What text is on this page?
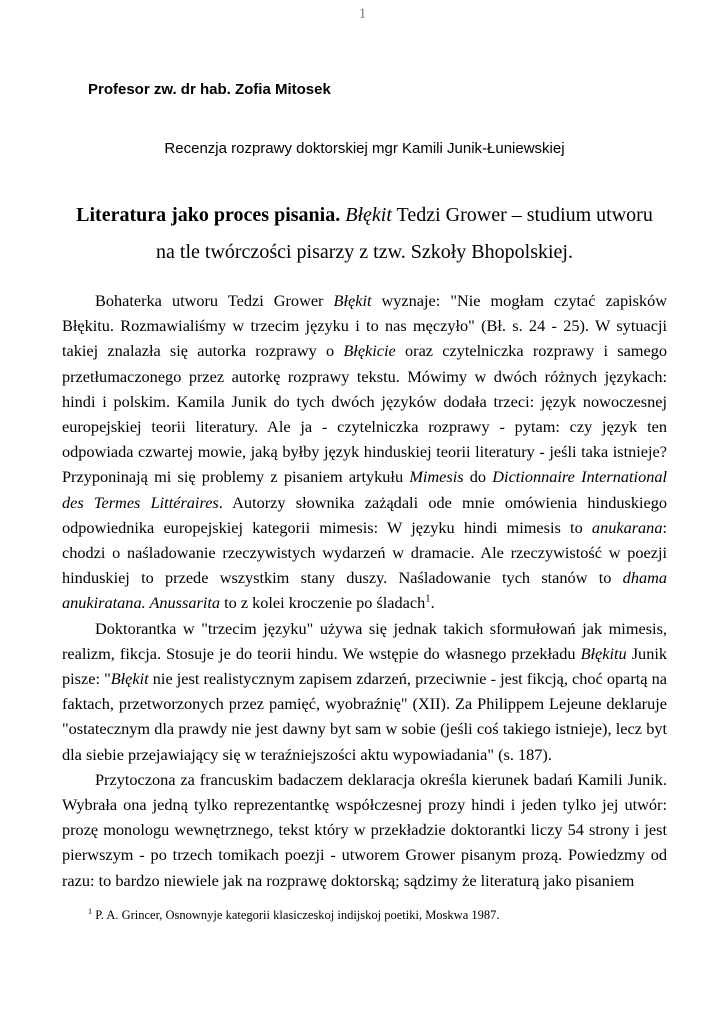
1

Profesor zw. dr hab. Zofia Mitosek

Recenzja rozprawy doktorskiej mgr Kamili Junik-Łuniewskiej

Literatura jako proces pisania. Błękit Tedzi Grower – studium utworu
na tle twórczości pisarzy z tzw. Szkoły Bhopolskiej.

Bohaterka utworu Tedzi Grower Błękit wyznaje: "Nie mogłam czytać zapisków Błękitu. Rozmawialiśmy w trzecim języku i to nas męczyło" (Bł. s. 24 - 25). W sytuacji takiej znalazła się autorka rozprawy o Błękicie oraz czytelniczka rozprawy i samego przetłumaczonego przez autorkę rozprawy tekstu. Mówimy w dwóch różnych językach: hindi i polskim. Kamila Junik do tych dwóch języków dodała trzeci: język nowoczesnej europejskiej teorii literatury. Ale ja - czytelniczka rozprawy - pytam: czy język ten odpowiada czwartej mowie, jaką byłby język hinduskiej teorii literatury - jeśli taka istnieje? Przyponinają mi się problemy z pisaniem artykułu Mimesis do Dictionnaire International des Termes Littéraires. Autorzy słownika zażądali ode mnie omówienia hinduskiego odpowiednika europejskiej kategorii mimesis: W języku hindi mimesis to anukarana: chodzi o naśladowanie rzeczywistych wydarzeń w dramacie. Ale rzeczywistość w poezji hinduskiej to przede wszystkim stany duszy. Naśladowanie tych stanów to dhama anukiratana. Anussarita to z kolei kroczenie po śladach$^1$.

Doktorantka w "trzecim języku" używa się jednak takich sformułowań jak mimesis, realizm, fikcja. Stosuje je do teorii hindu. We wstępie do własnego przekładu Błękitu Junik pisze: "Błękit nie jest realistycznym zapisem zdarzeń, przeciwnie - jest fikcją, choć opartą na faktach, przetworzonych przez pamięć, wyobraźnię" (XII). Za Philippem Lejeune deklaruje "ostatecznym dla prawdy nie jest dawny byt sam w sobie (jeśli coś takiego istnieje), lecz byt dla siebie przejawiający się w teraźniejszości aktu wypowiadania" (s. 187).

Przytoczona za francuskim badaczem deklaracja określa kierunek badań Kamili Junik. Wybrała ona jedną tylko reprezentantkę współczesnej prozy hindi i jeden tylko jej utwór: prozę monologu wewnętrznego, tekst który w przekładzie doktorantki liczy 54 strony i jest pierwszym - po trzech tomikach poezji - utworem Grower pisanym prozą. Powiedzmy od razu: to bardzo niewiele jak na rozprawę doktorską; sądzimy że literaturą jako pisaniem

$^1$ P. A. Grincer, Osnownyje kategorii klasiczeskoj indijskoj poetiki, Moskwa 1987.
